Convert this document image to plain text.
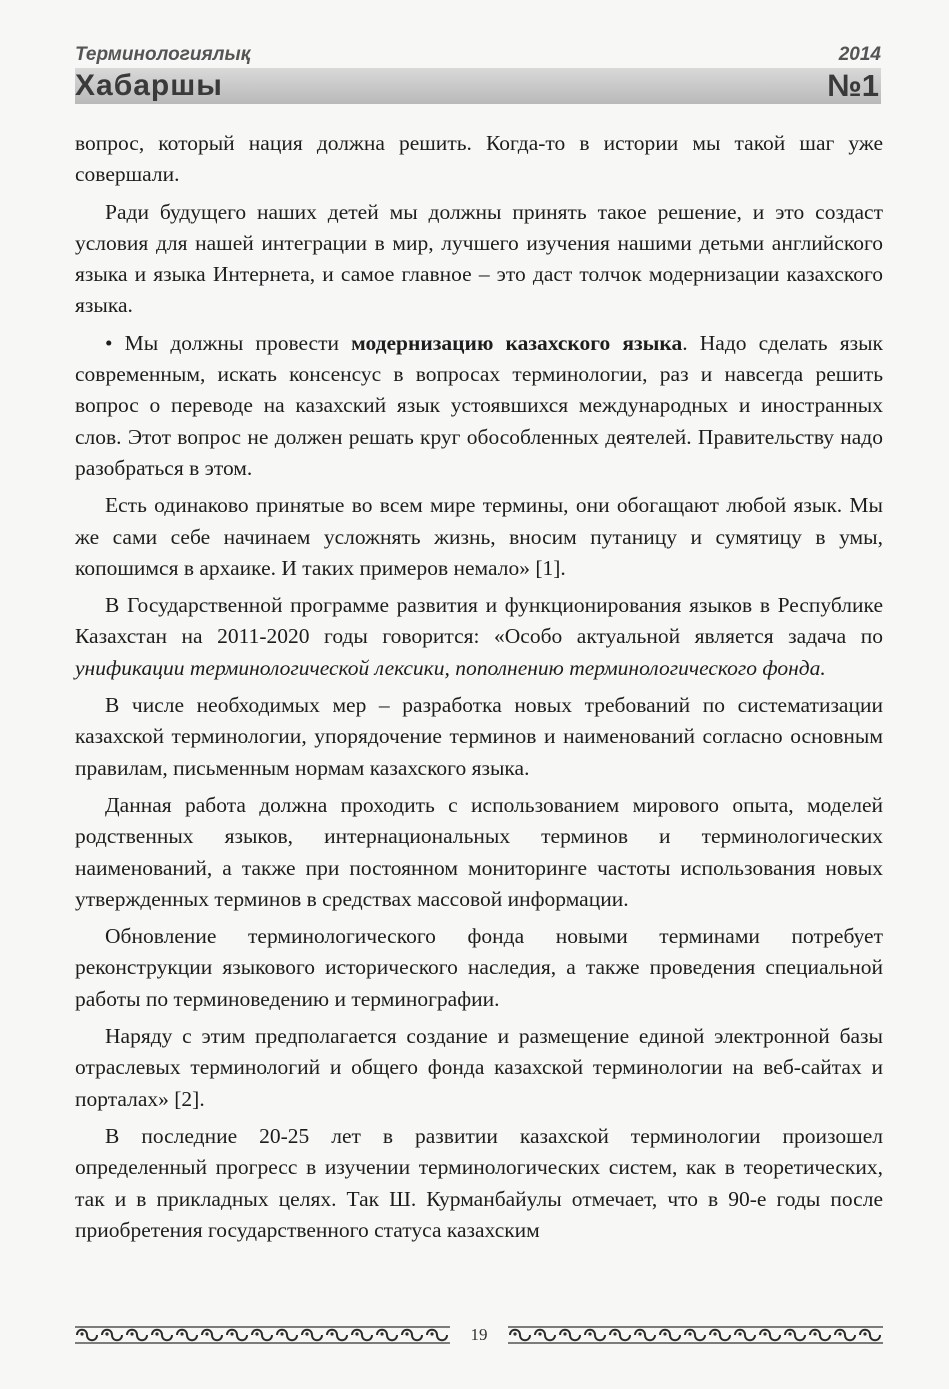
Терминологиялық	2014
Хабаршы	№1

вопрос, который нация должна решить. Когда-то в истории мы такой шаг уже совершали.

Ради будущего наших детей мы должны принять такое решение, и это создаст условия для нашей интеграции в мир, лучшего изучения нашими детьми английского языка и языка Интернета, и самое главное – это даст толчок модернизации казахского языка.

• Мы должны провести модернизацию казахского языка. Надо сделать язык современным, искать консенсус в вопросах терминологии, раз и навсегда решить вопрос о переводе на казахский язык устоявшихся международных и иностранных слов. Этот вопрос не должен решать круг обособленных деятелей. Правительству надо разобраться в этом.

Есть одинаково принятые во всем мире термины, они обогащают любой язык. Мы же сами себе начинаем усложнять жизнь, вносим путаницу и сумятицу в умы, копошимся в архаике. И таких примеров немало» [1].

В Государственной программе развития и функционирования языков в Республике Казахстан на 2011-2020 годы говорится: «Особо актуальной является задача по унификации терминологической лексики, пополнению терминологического фонда.

В числе необходимых мер – разработка новых требований по систематизации казахской терминологии, упорядочение терминов и наименований согласно основным правилам, письменным нормам казахского языка.

Данная работа должна проходить с использованием мирового опыта, моделей родственных языков, интернациональных терминов и терминологических наименований, а также при постоянном мониторинге частоты использования новых утвержденных терминов в средствах массовой информации.

Обновление терминологического фонда новыми терминами потребует реконструкции языкового исторического наследия, а также проведения специальной работы по терминоведению и терминографии.

Наряду с этим предполагается создание и размещение единой электронной базы отраслевых терминологий и общего фонда казахской терминологии на веб-сайтах и порталах» [2].

В последние 20-25 лет в развитии казахской терминологии произошел определенный прогресс в изучении терминологических систем, как в теоретических, так и в прикладных целях. Так Ш. Курманбайулы отмечает, что в 90-е годы после приобретения государственного статуса казахским

19
